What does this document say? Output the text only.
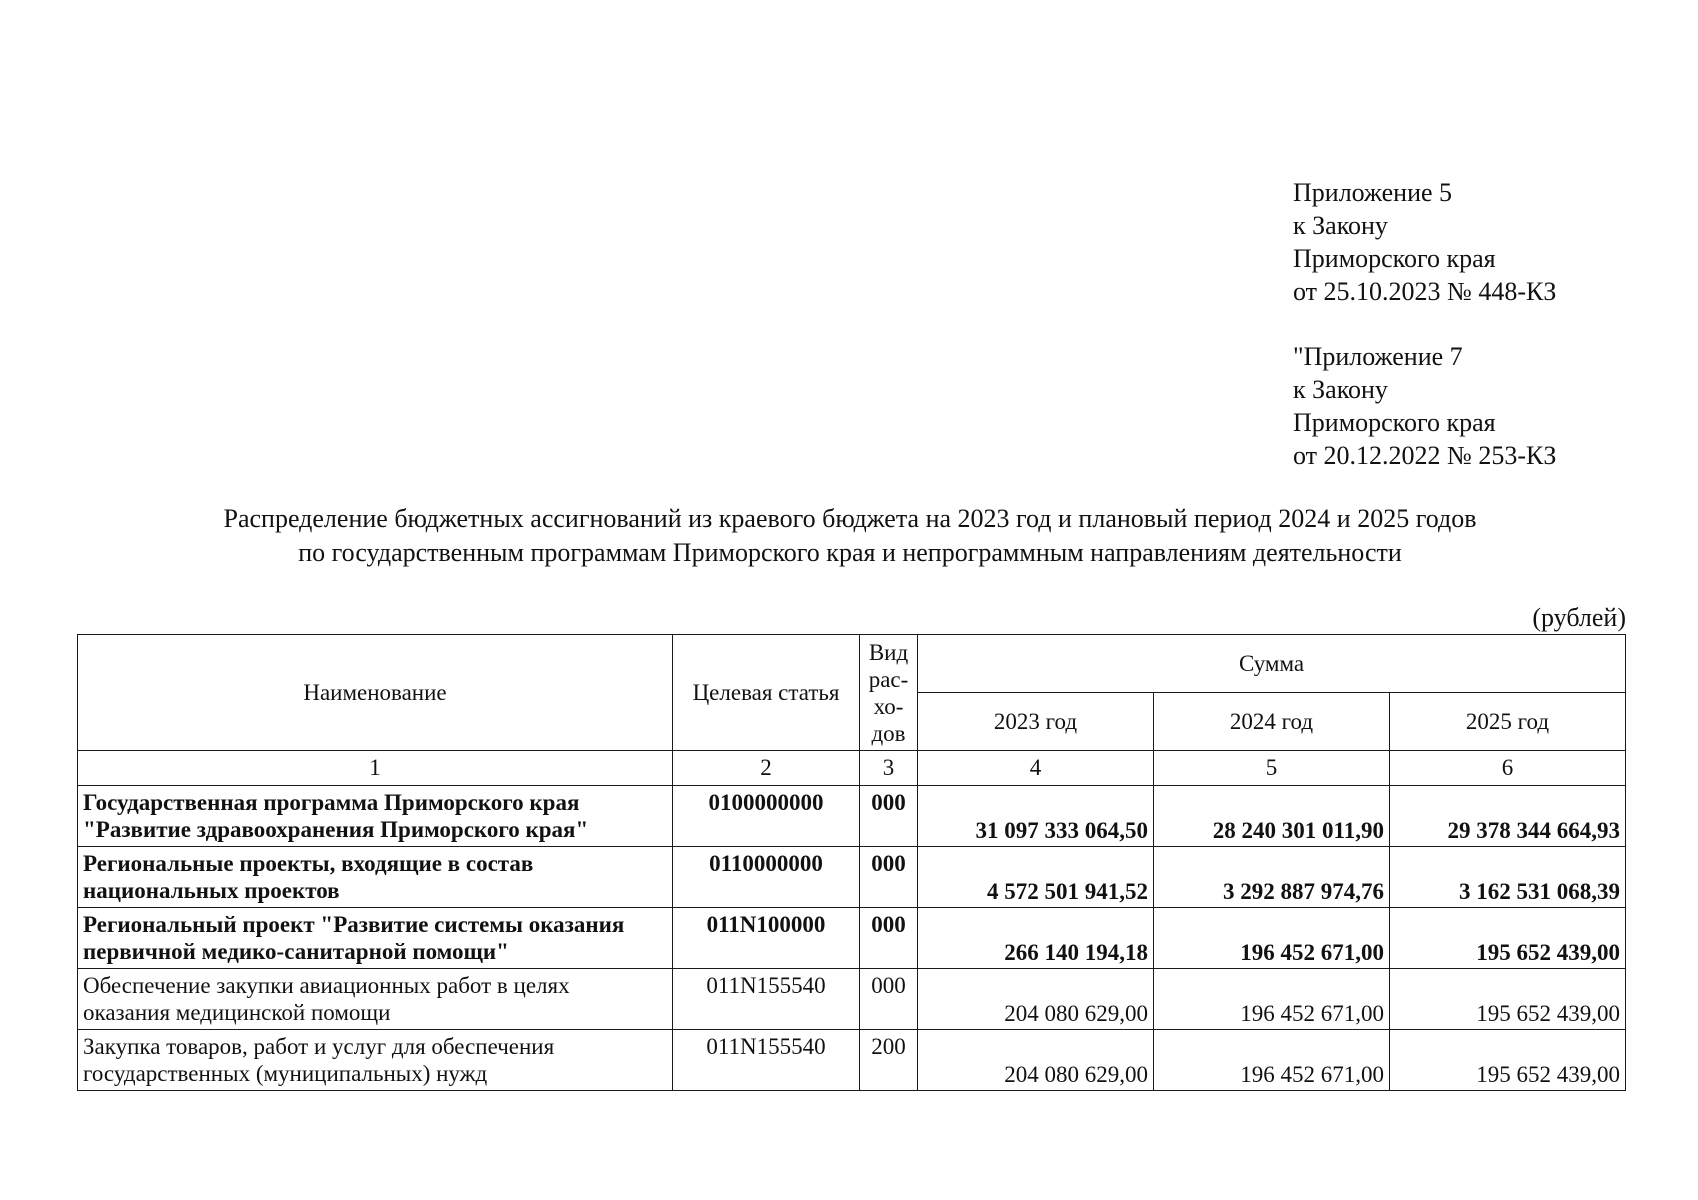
Приложение 5
к Закону
Приморского края
от 25.10.2023 № 448-КЗ
"Приложение 7
к Закону
Приморского края
от 20.12.2022 № 253-КЗ
Распределение бюджетных ассигнований из краевого бюджета на 2023 год и плановый период 2024 и 2025 годов
по государственным программам Приморского края и непрограммным направлениям деятельности
(рублей)
Наименование	Целевая статья	Вид
рас-
хо-
дов	Сумма		
			2023 год	2024 год	2025 год
1	2	3	4	5	6

Государственная программа Приморского края
"Развитие здравоохранения Приморского края"	0100000000	000	31 097 333 064,50	28 240 301 011,90	29 378 344 664,93

Региональные проекты, входящие в состав
национальных проектов	0110000000	000	4 572 501 941,52	3 292 887 974,76	3 162 531 068,39

Региональный проект "Развитие системы оказания
первичной медико-санитарной помощи"	011N100000	000	266 140 194,18	196 452 671,00	195 652 439,00

Обеспечение закупки авиационных работ в целях
оказания медицинской помощи	011N155540	000	204 080 629,00	196 452 671,00	195 652 439,00

Закупка товаров, работ и услуг для обеспечения
государственных (муниципальных) нужд	011N155540	200	204 080 629,00	196 452 671,00	195 652 439,00
